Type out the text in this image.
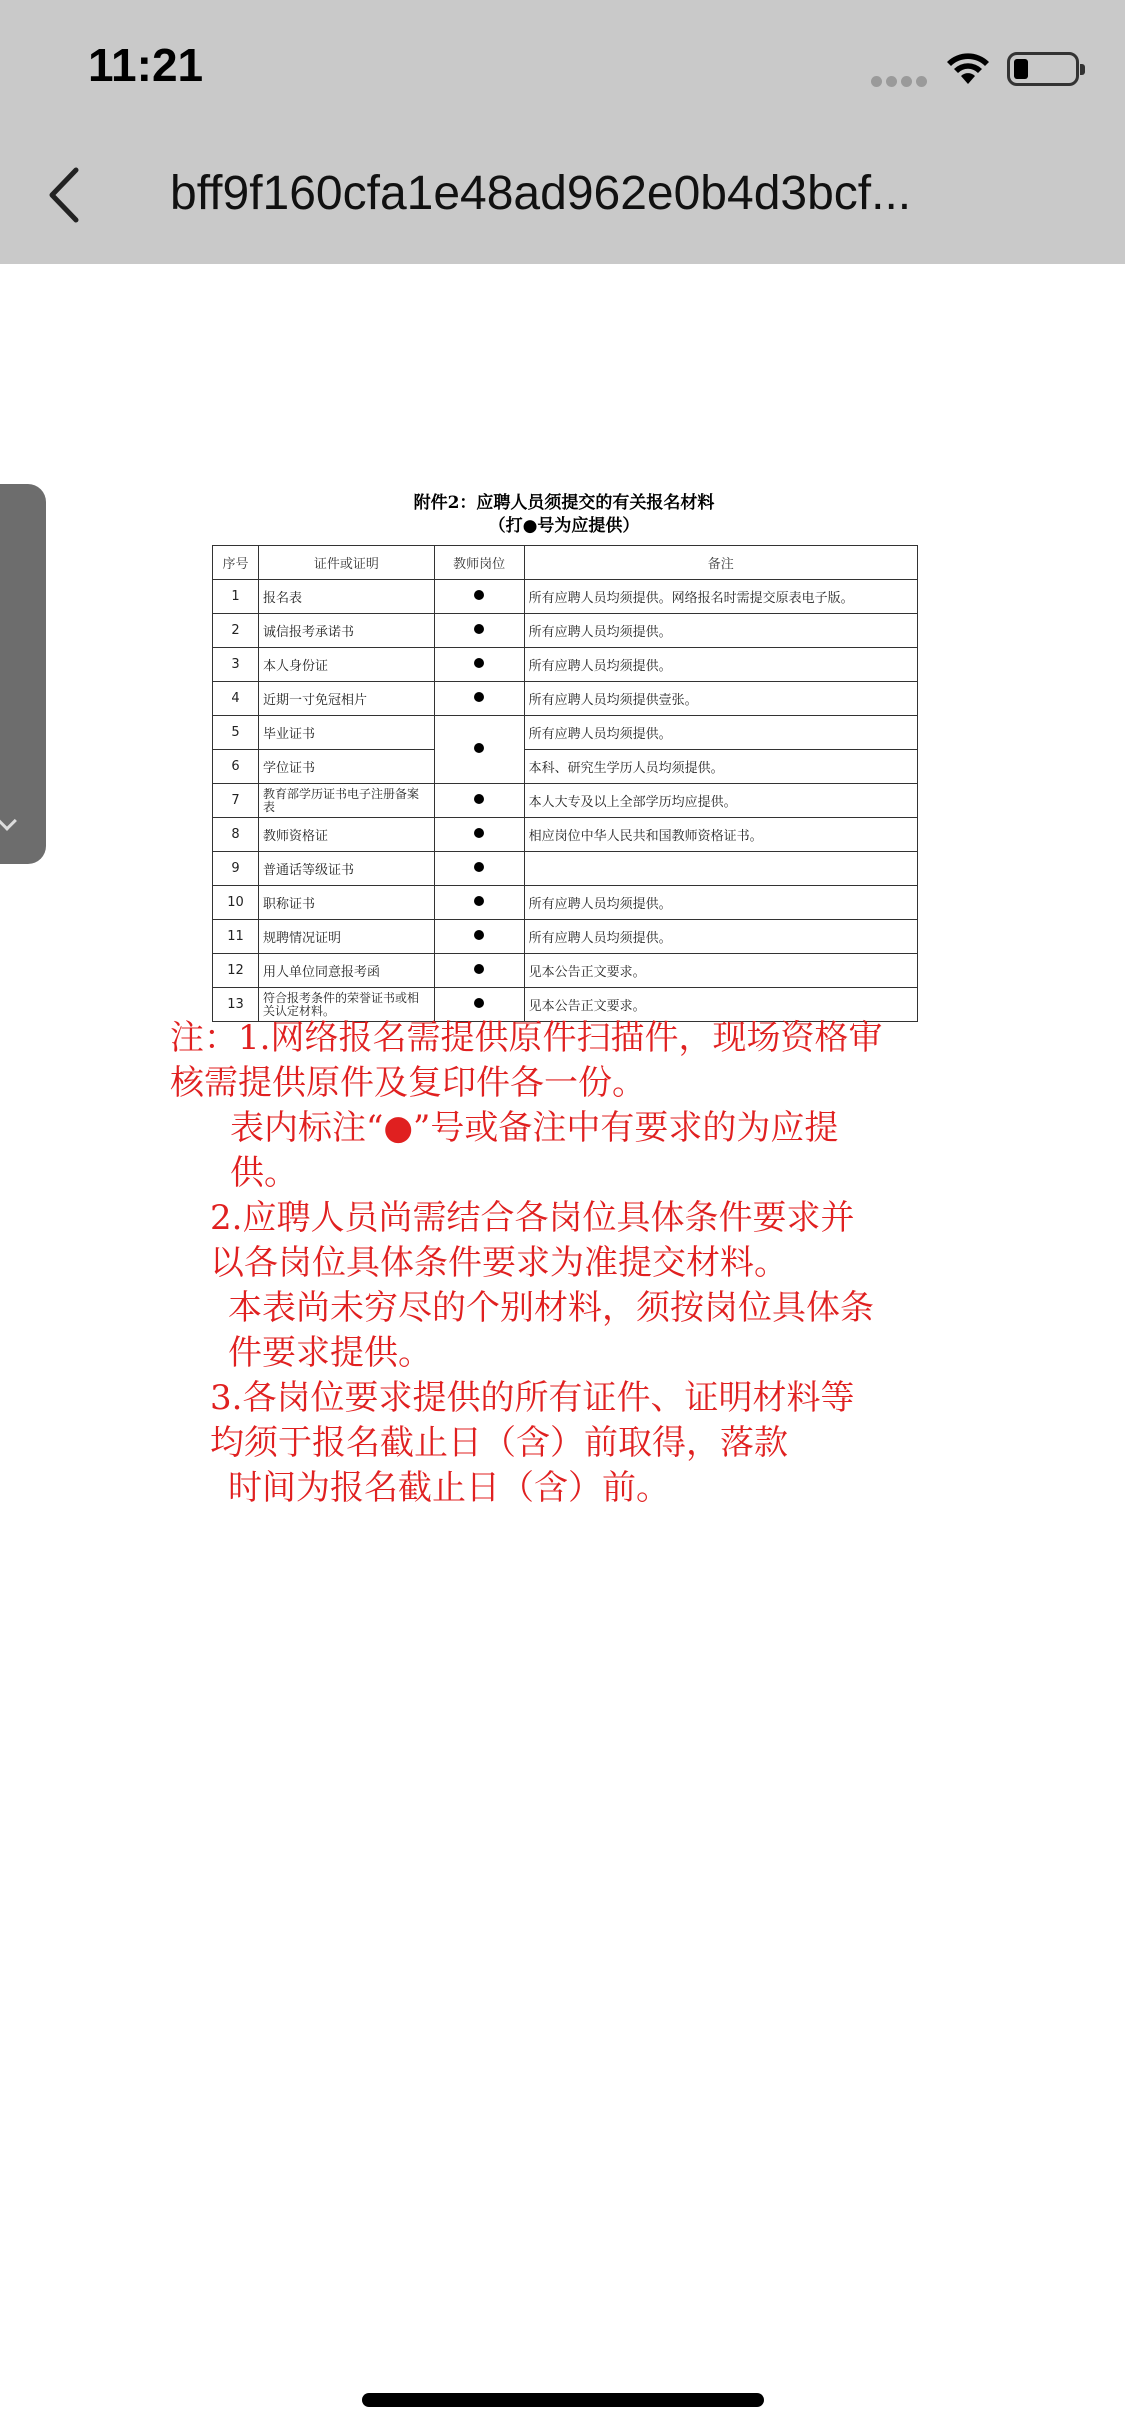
11:21
bff9f160cfa1e48ad962e0b4d3bcf...
附件2：应聘人员须提交的有关报名材料
（打●号为应提供）
序号	证件或证明	教师岗位	备注
1	报名表		所有应聘人员均须提供。网络报名时需提交原表电子版。
2	诚信报考承诺书		所有应聘人员均须提供。
3	本人身份证		所有应聘人员均须提供。
4	近期一寸免冠相片		所有应聘人员均须提供壹张。
5	毕业证书		所有应聘人员均须提供。
6	学位证书		本科、研究生学历人员均须提供。
7	教育部学历证书电子注册备案表		本人大专及以上全部学历均应提供。
8	教师资格证		相应岗位中华人民共和国教师资格证书。
9	普通话等级证书		
10	职称证书		所有应聘人员均须提供。
11	规聘情况证明		所有应聘人员均须提供。
12	用人单位同意报考函		见本公告正文要求。
13	符合报考条件的荣誉证书或相关认定材料。		见本公告正文要求。
注：1.网络报名需提供原件扫描件，现场资格审
核需提供原件及复印件各一份。
表内标注“●”号或备注中有要求的为应提
供。
2.应聘人员尚需结合各岗位具体条件要求并
以各岗位具体条件要求为准提交材料。
本表尚未穷尽的个别材料，须按岗位具体条
件要求提供。
3.各岗位要求提供的所有证件、证明材料等
均须于报名截止日（含）前取得，落款
时间为报名截止日（含）前。
